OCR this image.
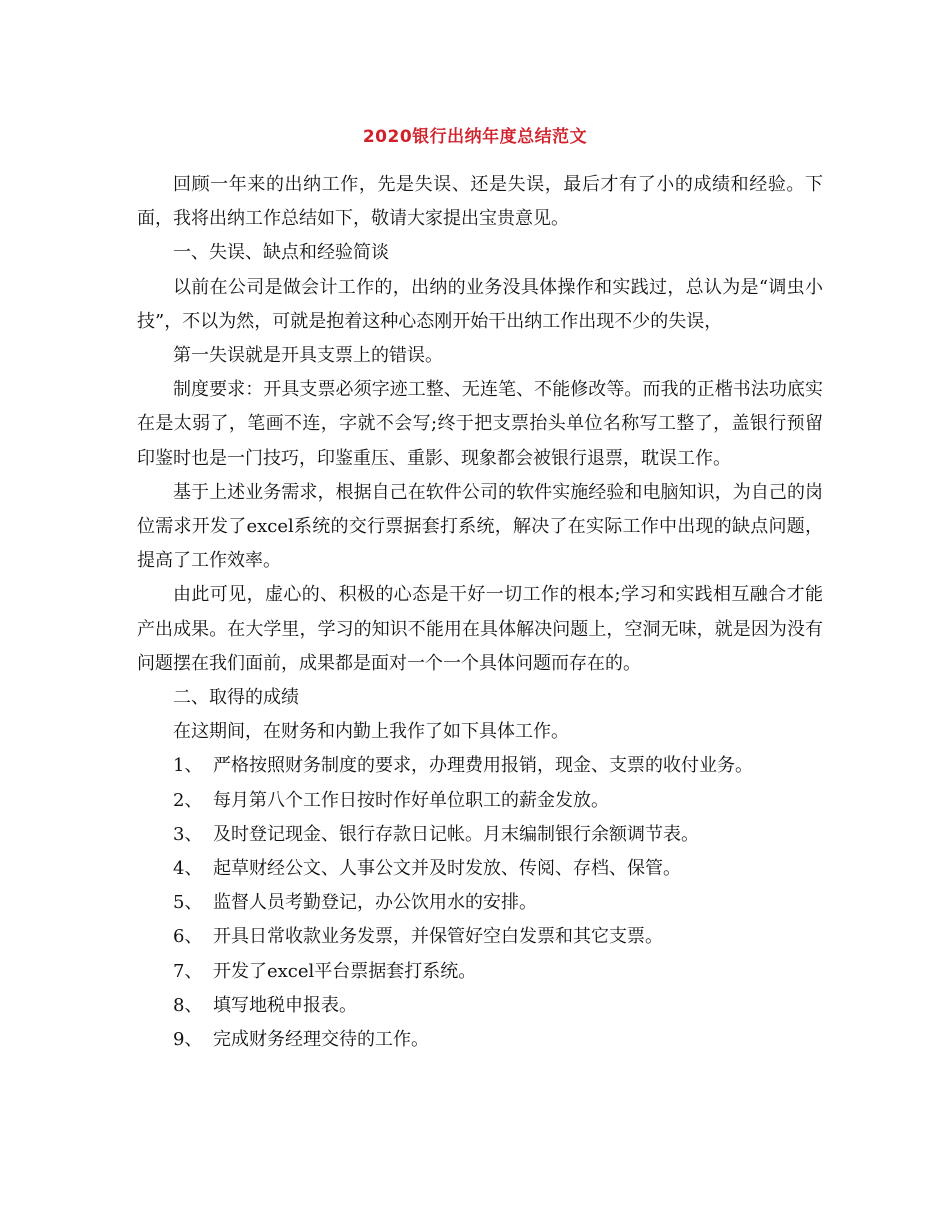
2020银行出纳年度总结范文

回顾一年来的出纳工作，先是失误、还是失误，最后才有了小的成绩和经验。下面，我将出纳工作总结如下，敬请大家提出宝贵意见。

一、失误、缺点和经验简谈

以前在公司是做会计工作的，出纳的业务没具体操作和实践过，总认为是“调虫小技”，不以为然，可就是抱着这种心态刚开始干出纳工作出现不少的失误，

第一失误就是开具支票上的错误。

制度要求：开具支票必须字迹工整、无连笔、不能修改等。而我的正楷书法功底实在是太弱了，笔画不连，字就不会写;终于把支票抬头单位名称写工整了，盖银行预留印鉴时也是一门技巧，印鉴重压、重影、现象都会被银行退票，耽误工作。

基于上述业务需求，根据自己在软件公司的软件实施经验和电脑知识，为自己的岗位需求开发了excel系统的交行票据套打系统，解决了在实际工作中出现的缺点问题，提高了工作效率。

由此可见，虚心的、积极的心态是干好一切工作的根本;学习和实践相互融合才能产出成果。在大学里，学习的知识不能用在具体解决问题上，空洞无味，就是因为没有问题摆在我们面前，成果都是面对一个一个具体问题而存在的。

二、取得的成绩

在这期间，在财务和内勤上我作了如下具体工作。

1、 严格按照财务制度的要求，办理费用报销，现金、支票的收付业务。

2、 每月第八个工作日按时作好单位职工的薪金发放。

3、 及时登记现金、银行存款日记帐。月末编制银行余额调节表。

4、 起草财经公文、人事公文并及时发放、传阅、存档、保管。

5、 监督人员考勤登记，办公饮用水的安排。

6、 开具日常收款业务发票，并保管好空白发票和其它支票。

7、 开发了excel平台票据套打系统。

8、 填写地税申报表。

9、 完成财务经理交待的工作。
